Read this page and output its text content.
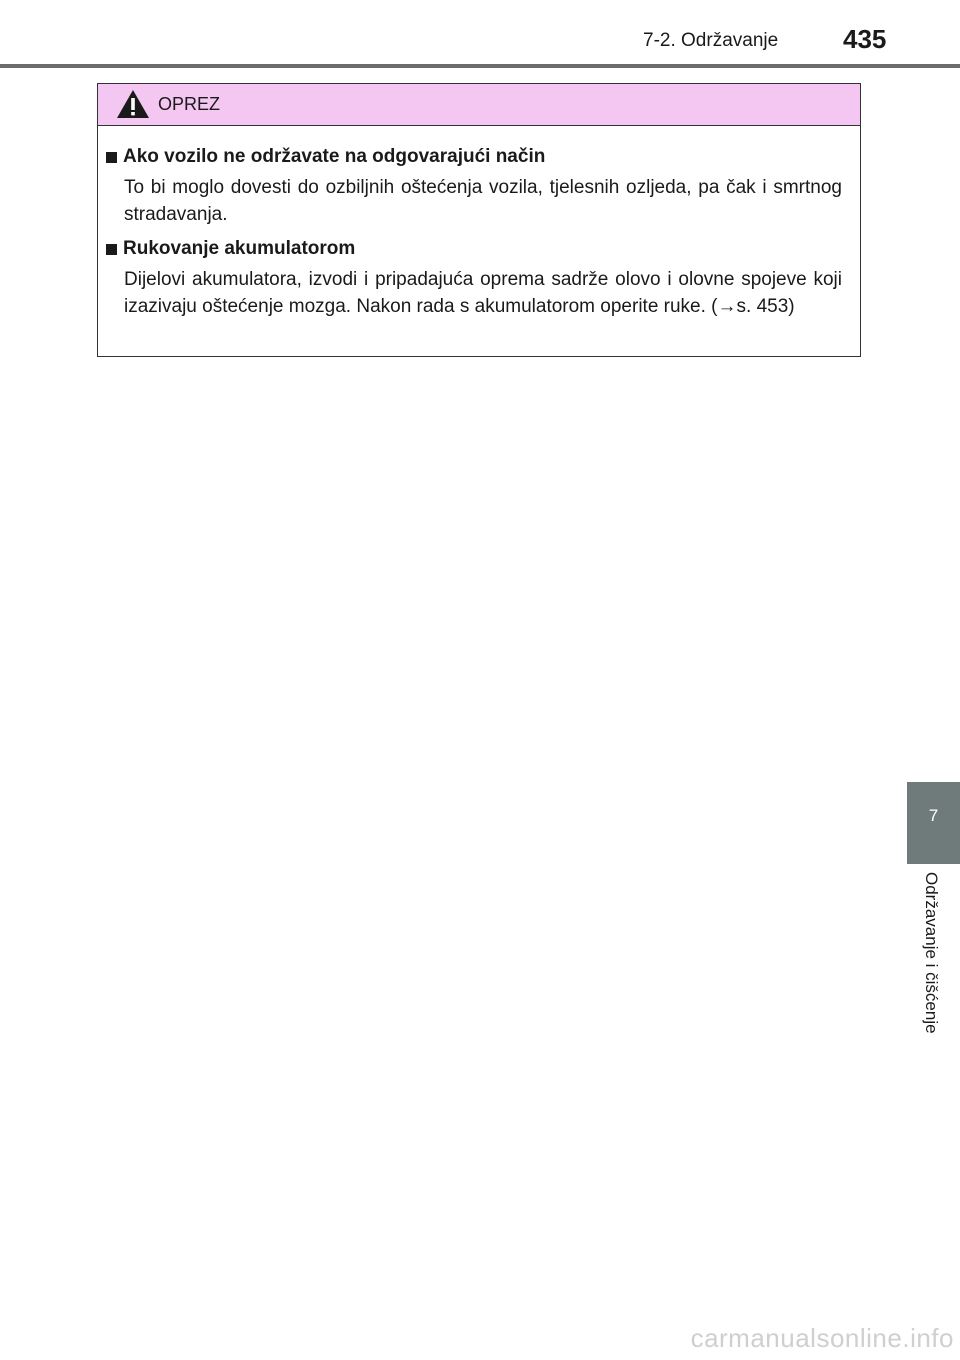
7-2. Održavanje 435
OPREZ
Ako vozilo ne održavate na odgovarajući način
To bi moglo dovesti do ozbiljnih oštećenja vozila, tjelesnih ozljeda, pa čak i smrtnog stradavanja.
Rukovanje akumulatorom
Dijelovi akumulatora, izvodi i pripadajuća oprema sadrže olovo i olovne spojeve koji izazivaju oštećenje mozga. Nakon rada s akumulatorom operite ruke. (→s. 453)
7
Održavanje i čišćenje
carmanualsonline.info
